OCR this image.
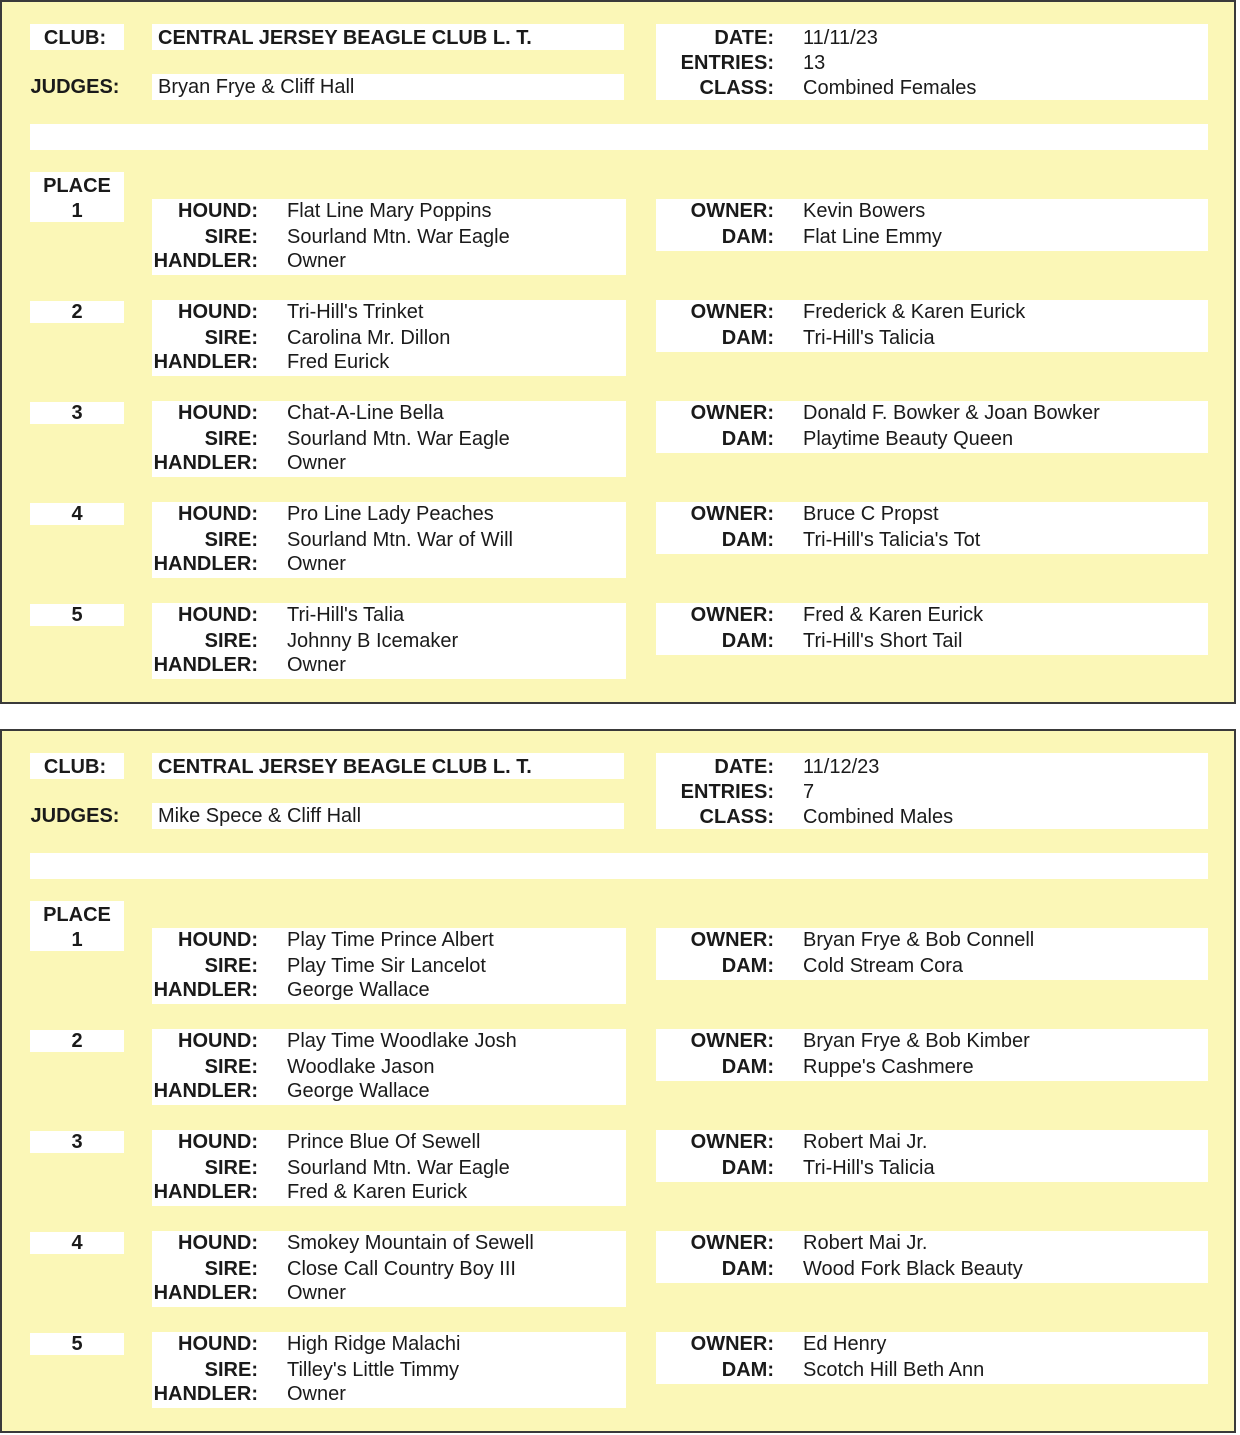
CLUB:	CENTRAL JERSEY BEAGLE CLUB L. T.
JUDGES: Bryan Frye & Cliff Hall
DATE: 11/11/23
ENTRIES: 13
CLASS: Combined Females
PLACE
1	HOUND: Flat Line Mary Poppins
SIRE: Sourland Mtn. War Eagle
HANDLER: Owner
OWNER: Kevin Bowers
DAM: Flat Line Emmy
2	HOUND: Tri-Hill's Trinket
SIRE: Carolina Mr. Dillon
HANDLER: Fred Eurick
OWNER: Frederick & Karen Eurick
DAM: Tri-Hill's Talicia
3	HOUND: Chat-A-Line Bella
SIRE: Sourland Mtn. War Eagle
HANDLER: Owner
OWNER: Donald F. Bowker & Joan Bowker
DAM: Playtime Beauty Queen
4	HOUND: Pro Line Lady Peaches
SIRE: Sourland Mtn. War of Will
HANDLER: Owner
OWNER: Bruce C Propst
DAM: Tri-Hill's Talicia's Tot
5	HOUND: Tri-Hill's Talia
SIRE: Johnny B Icemaker
HANDLER: Owner
OWNER: Fred & Karen Eurick
DAM: Tri-Hill's Short Tail
CLUB:	CENTRAL JERSEY BEAGLE CLUB L. T.
JUDGES: Mike Spece & Cliff Hall
DATE: 11/12/23
ENTRIES: 7
CLASS: Combined Males
PLACE
1	HOUND: Play Time Prince Albert
SIRE: Play Time Sir Lancelot
HANDLER: George Wallace
OWNER: Bryan Frye & Bob Connell
DAM: Cold Stream Cora
2	HOUND: Play Time Woodlake Josh
SIRE: Woodlake Jason
HANDLER: George Wallace
OWNER: Bryan Frye & Bob Kimber
DAM: Ruppe's Cashmere
3	HOUND: Prince Blue Of Sewell
SIRE: Sourland Mtn. War Eagle
HANDLER: Fred & Karen Eurick
OWNER: Robert Mai Jr.
DAM: Tri-Hill's Talicia
4	HOUND: Smokey Mountain of Sewell
SIRE: Close Call Country Boy III
HANDLER: Owner
OWNER: Robert Mai Jr.
DAM: Wood Fork Black Beauty
5	HOUND: High Ridge Malachi
SIRE: Tilley's Little Timmy
HANDLER: Owner
OWNER: Ed Henry
DAM: Scotch Hill Beth Ann
